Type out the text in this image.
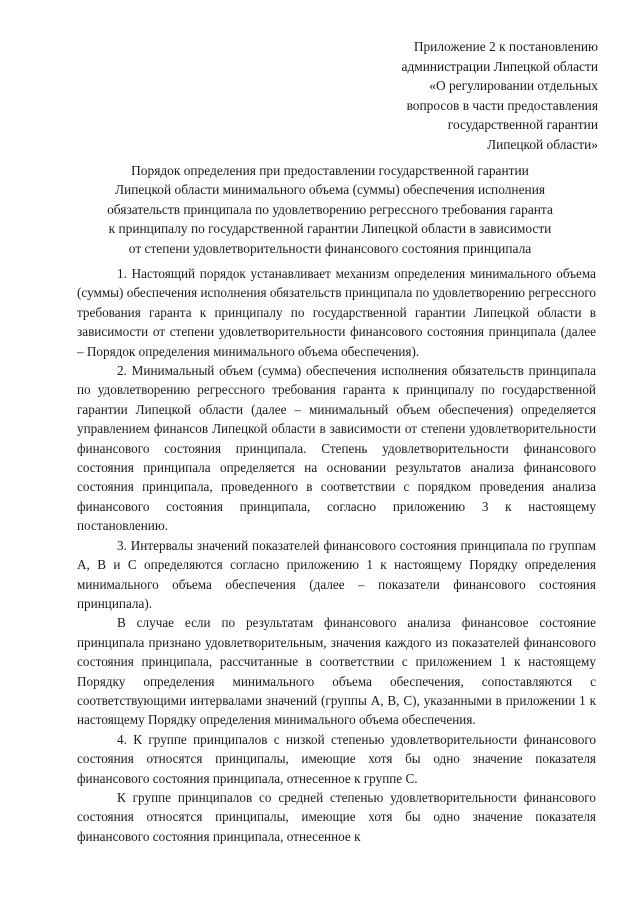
Приложение 2 к постановлению
администрации Липецкой области
«О регулировании отдельных
вопросов в части предоставления
государственной гарантии
Липецкой области»
Порядок определения при предоставлении государственной гарантии
Липецкой области минимального объема (суммы) обеспечения исполнения
обязательств принципала по удовлетворению регрессного требования гаранта
к принципалу по государственной гарантии Липецкой области в зависимости
от степени удовлетворительности финансового состояния принципала

1. Настоящий порядок устанавливает механизм определения минимального объема (суммы) обеспечения исполнения обязательств принципала по удовлетворению регрессного требования гаранта к принципалу по государственной гарантии Липецкой области в зависимости от степени удовлетворительности финансового состояния принципала (далее – Порядок определения минимального объема обеспечения).

2. Минимальный объем (сумма) обеспечения исполнения обязательств принципала по удовлетворению регрессного требования гаранта к принципалу по государственной гарантии Липецкой области (далее – минимальный объем обеспечения) определяется управлением финансов Липецкой области в зависимости от степени удовлетворительности финансового состояния принципала. Степень удовлетворительности финансового состояния принципала определяется на основании результатов анализа финансового состояния принципала, проведенного в соответствии с порядком проведения анализа финансового состояния принципала, согласно приложению 3 к настоящему постановлению.

3. Интервалы значений показателей финансового состояния принципала по группам A, B и C определяются согласно приложению 1 к настоящему Порядку определения минимального объема обеспечения (далее – показатели финансового состояния принципала).

В случае если по результатам финансового анализа финансовое состояние принципала признано удовлетворительным, значения каждого из показателей финансового состояния принципала, рассчитанные в соответствии с приложением 1 к настоящему Порядку определения минимального объема обеспечения, сопоставляются с соответствующими интервалами значений (группы A, B, C), указанными в приложении 1 к настоящему Порядку определения минимального объема обеспечения.

4. К группе принципалов с низкой степенью удовлетворительности финансового состояния относятся принципалы, имеющие хотя бы одно значение показателя финансового состояния принципала, отнесенное к группе C.

К группе принципалов со средней степенью удовлетворительности финансового состояния относятся принципалы, имеющие хотя бы одно значение показателя финансового состояния принципала, отнесенное к
